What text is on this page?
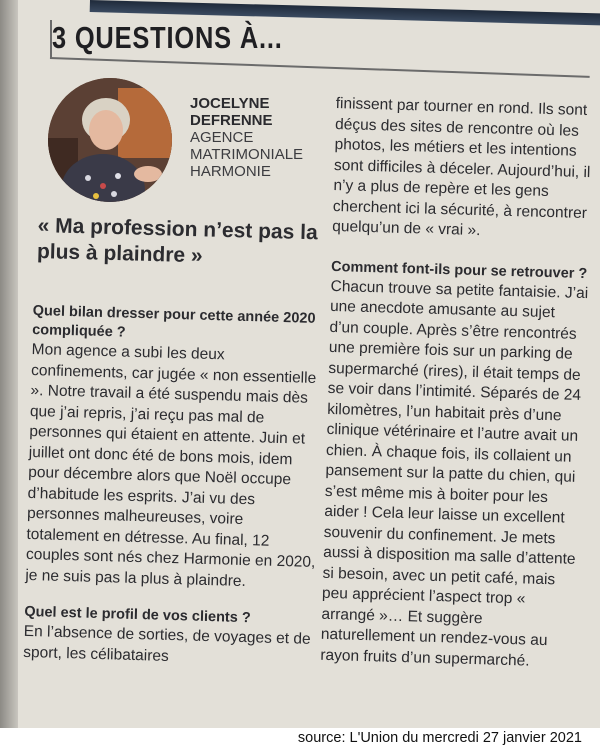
3 QUESTIONS À...
JOCELYNE
DEFRENNE
AGENCE
MATRIMONIALE
HARMONIE
« Ma profession n’est pas la plus à plaindre »

Quel bilan dresser pour cette année 2020 compliquée ?

Mon agence a subi les deux confinements, car jugée « non essentielle ». Notre travail a été suspendu mais dès que j’ai repris, j’ai reçu pas mal de personnes qui étaient en attente. Juin et juillet ont donc été de bons mois, idem pour décembre alors que Noël occupe d’habitude les esprits. J’ai vu des personnes malheureuses, voire totalement en détresse. Au final, 12 couples sont nés chez Harmonie en 2020, je ne suis pas la plus à plaindre.

Quel est le profil de vos clients ?

En l’absence de sorties, de voyages et de sport, les célibataires

finissent par tourner en rond. Ils sont déçus des sites de rencontre où les photos, les métiers et les intentions sont difficiles à déceler. Aujourd’hui, il n’y a plus de repère et les gens cherchent ici la sécurité, à rencontrer quelqu’un de « vrai ».

Comment font-ils pour se retrouver ?

Chacun trouve sa petite fantaisie. J’ai une anecdote amusante au sujet d’un couple. Après s’être rencontrés une première fois sur un parking de supermarché (rires), il était temps de se voir dans l’intimité. Séparés de 24 kilomètres, l’un habitait près d’une clinique vétérinaire et l’autre avait un chien. À chaque fois, ils collaient un pansement sur la patte du chien, qui s’est même mis à boiter pour les aider ! Cela leur laisse un excellent souvenir du confinement. Je mets aussi à disposition ma salle d’attente si besoin, avec un petit café, mais peu apprécient l’aspect trop « arrangé »… Et suggère naturellement un rendez-vous au rayon fruits d’un supermarché.

source: L'Union du mercredi 27 janvier 2021
